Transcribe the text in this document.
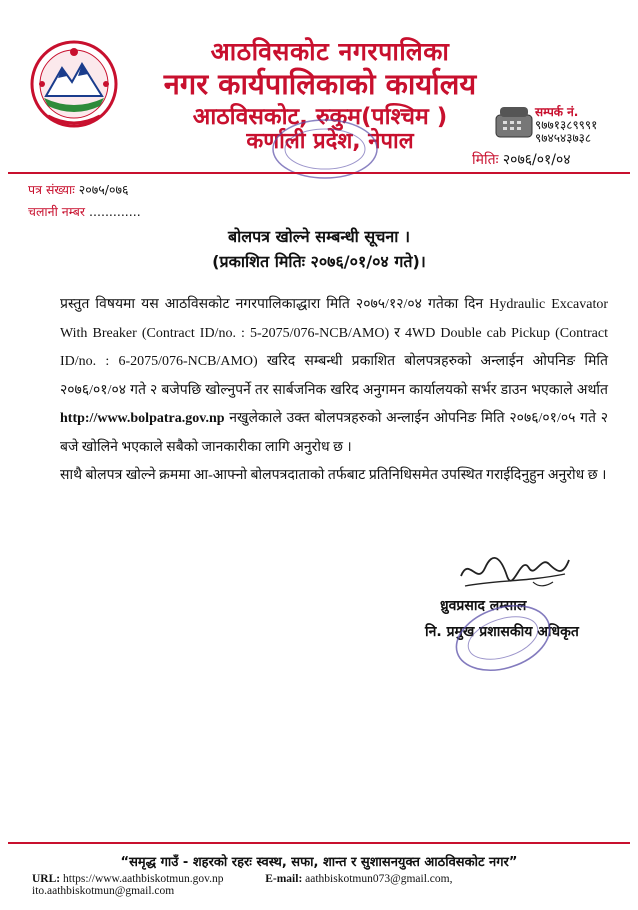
आठविसकोट नगरपालिका
नगर कार्यपालिकाको कार्यालय
आठविसकोट, रुकुम(पश्चिम )
कर्णाली प्रदेश, नेपाल
सम्पर्क नं.
९७७१३८९९९१
९७४५४३७३८
मितिः २०७६/०१/०४
पत्र संख्याः २०७५/०७६
चलानी नम्बर .............
बोलपत्र खोल्ने सम्बन्धी सूचना ।
(प्रकाशित मितिः २०७६/०१/०४ गते)।

प्रस्तुत विषयमा यस आठविसकोट नगरपालिकाद्धारा मिति २०७५/१२/०४ गतेका दिन Hydraulic Excavator With Breaker (Contract ID/no. : 5-2075/076-NCB/AMO) र 4WD Double cab Pickup (Contract ID/no. : 6-2075/076-NCB/AMO) खरिद सम्बन्धी प्रकाशित बोलपत्रहरुको अन्लाईन ओपनिङ मिति २०७६/०१/०४ गते २ बजेपछि खोल्नुपर्ने तर सार्बजनिक खरिद अनुगमन कार्यालयको सर्भर डाउन भएकाले अर्थात http://www.bolpatra.gov.np नखुलेकाले उक्त बोलपत्रहरुको अन्लाईन ओपनिङ मिति २०७६/०१/०५ गते २ बजे खोलिने भएकाले सबैको जानकारीका लागि अनुरोध छ ।

साथै बोलपत्र खोल्ने क्रममा आ-आफ्नो बोलपत्रदाताको तर्फबाट प्रतिनिधिसमेत उपस्थित गराईदिनुहुन अनुरोध छ ।

ध्रुवप्रसाद लम्साल
नि. प्रमुख प्रशासकीय अधिकृत
“समृद्ध गाउँ - शहरको रहरः स्वस्थ, सफा, शान्त र सुशासनयुक्त आठविसकोट नगर”
URL: https://www.aathbiskotmun.gov.np	E-mail: aathbiskotmun073@gmail.com,  ito.aathbiskotmun@gmail.com
